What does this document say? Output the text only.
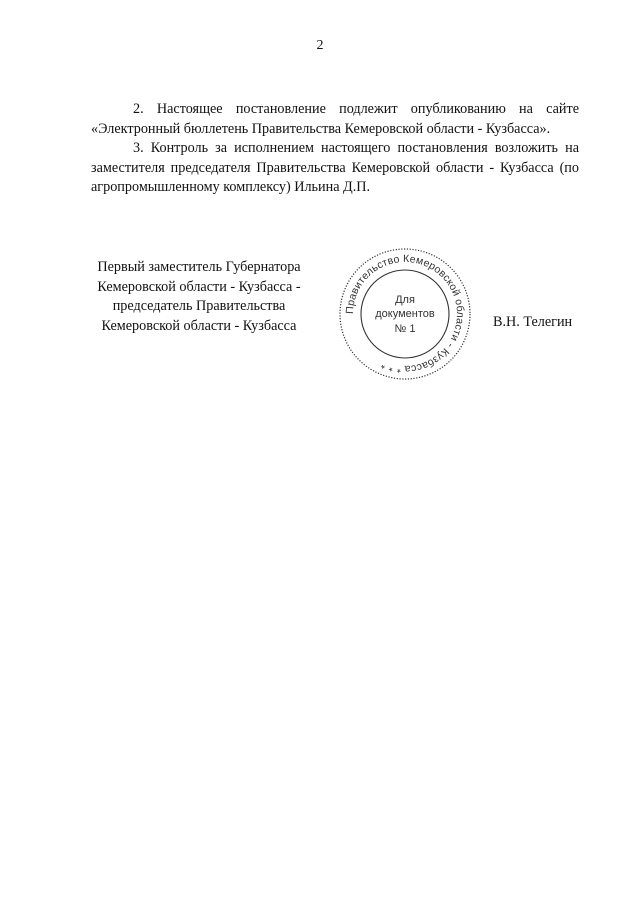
2

2. Настоящее постановление подлежит опубликованию на сайте «Электронный бюллетень Правительства Кемеровской области - Кузбасса».

3. Контроль за исполнением настоящего постановления возложить на заместителя председателя Правительства Кемеровской области - Кузбасса (по агропромышленному комплексу) Ильина Д.П.

Первый заместитель Губернатора
Кемеровской области - Кузбасса -
председатель Правительства
Кемеровской области - Кузбасса
Правительство Кемеровской области - Кузбасса * * *
Для
документов
№ 1	В.Н. Телегин
